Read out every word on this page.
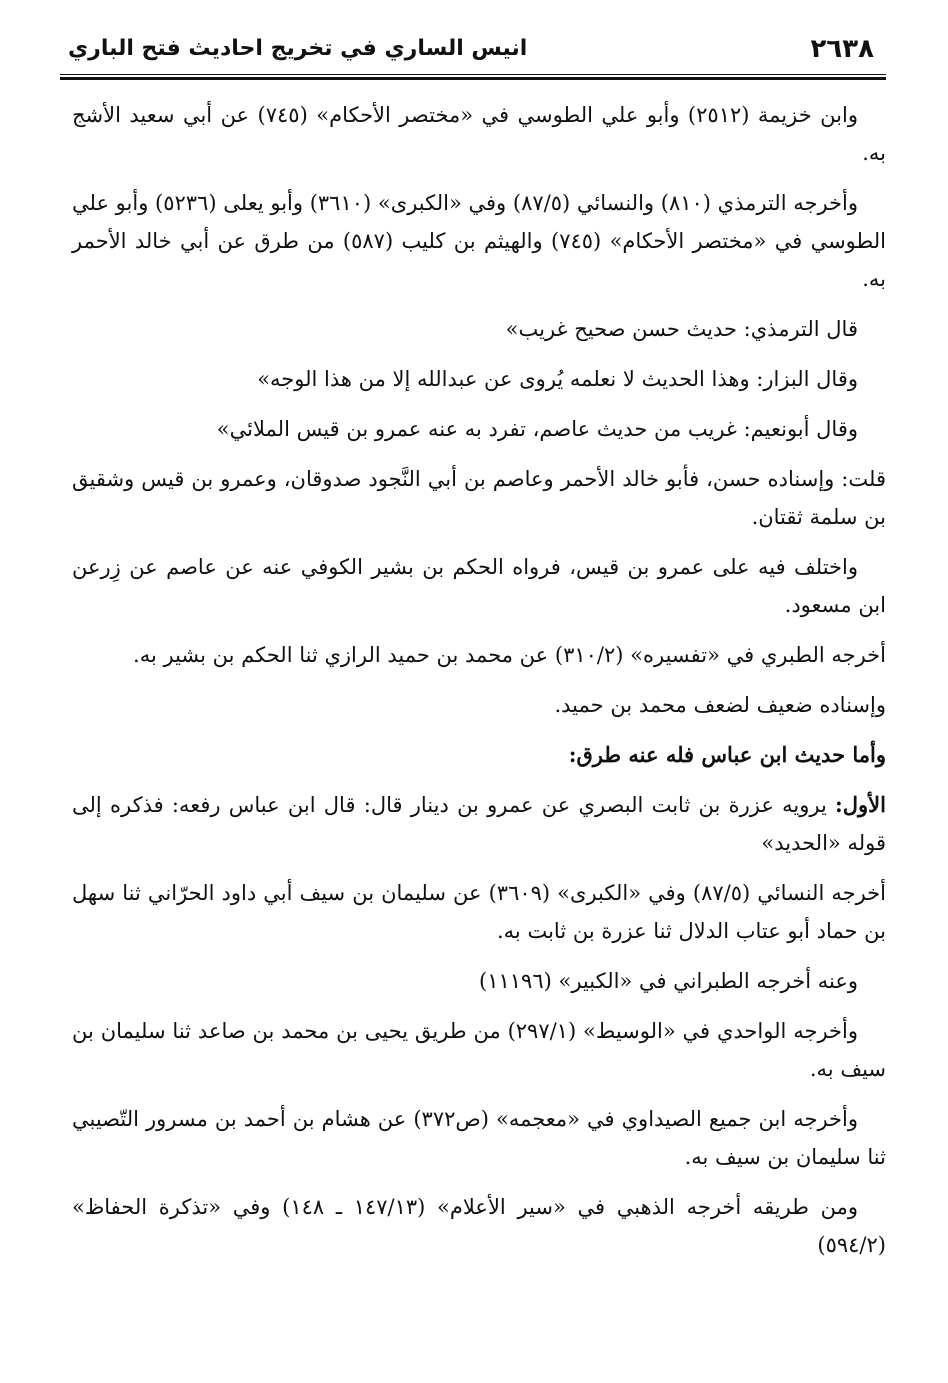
٢٦٣٨
انيس الساري في تخريج احاديث فتح الباري

وابن خزيمة (٢٥١٢) وأبو علي الطوسي في «مختصر الأحكام» (٧٤٥) عن أبي سعيد الأشج به.

وأخرجه الترمذي (٨١٠) والنسائي (٨٧/٥) وفي «الكبرى» (٣٦١٠) وأبو يعلى (٥٢٣٦) وأبو علي الطوسي في «مختصر الأحكام» (٧٤٥) والهيثم بن كليب (٥٨٧) من طرق عن أبي خالد الأحمر به.

قال الترمذي: حديث حسن صحيح غريب»

وقال البزار: وهذا الحديث لا نعلمه يُروى عن عبدالله إلا من هذا الوجه»

وقال أبونعيم: غريب من حديث عاصم، تفرد به عنه عمرو بن قيس الملائي»

قلت: وإسناده حسن، فأبو خالد الأحمر وعاصم بن أبي النَّجود صدوقان، وعمرو بن قيس وشقيق بن سلمة ثقتان.

واختلف فيه على عمرو بن قيس، فرواه الحكم بن بشير الكوفي عنه عن عاصم عن زِرعن ابن مسعود.

أخرجه الطبري في «تفسيره» (٣١٠/٢) عن محمد بن حميد الرازي ثنا الحكم بن بشير به.

وإسناده ضعيف لضعف محمد بن حميد.

وأما حديث ابن عباس فله عنه طرق:

الأول: يرويه عزرة بن ثابت البصري عن عمرو بن دينار قال: قال ابن عباس رفعه: فذكره إلى قوله «الحديد»

أخرجه النسائي (٨٧/٥) وفي «الكبرى» (٣٦٠٩) عن سليمان بن سيف أبي داود الحرّاني ثنا سهل بن حماد أبو عتاب الدلال ثنا عزرة بن ثابت به.

وعنه أخرجه الطبراني في «الكبير» (١١١٩٦)

وأخرجه الواحدي في «الوسيط» (٢٩٧/١) من طريق يحيى بن محمد بن صاعد ثنا سليمان بن سيف به.

وأخرجه ابن جميع الصيداوي في «معجمه» (ص٣٧٢) عن هشام بن أحمد بن مسرور التّصيبي ثنا سليمان بن سيف به.

ومن طريقه أخرجه الذهبي في «سير الأعلام» (١٤٧/١٣ ـ ١٤٨) وفي «تذكرة الحفاظ» (٥٩٤/٢)
